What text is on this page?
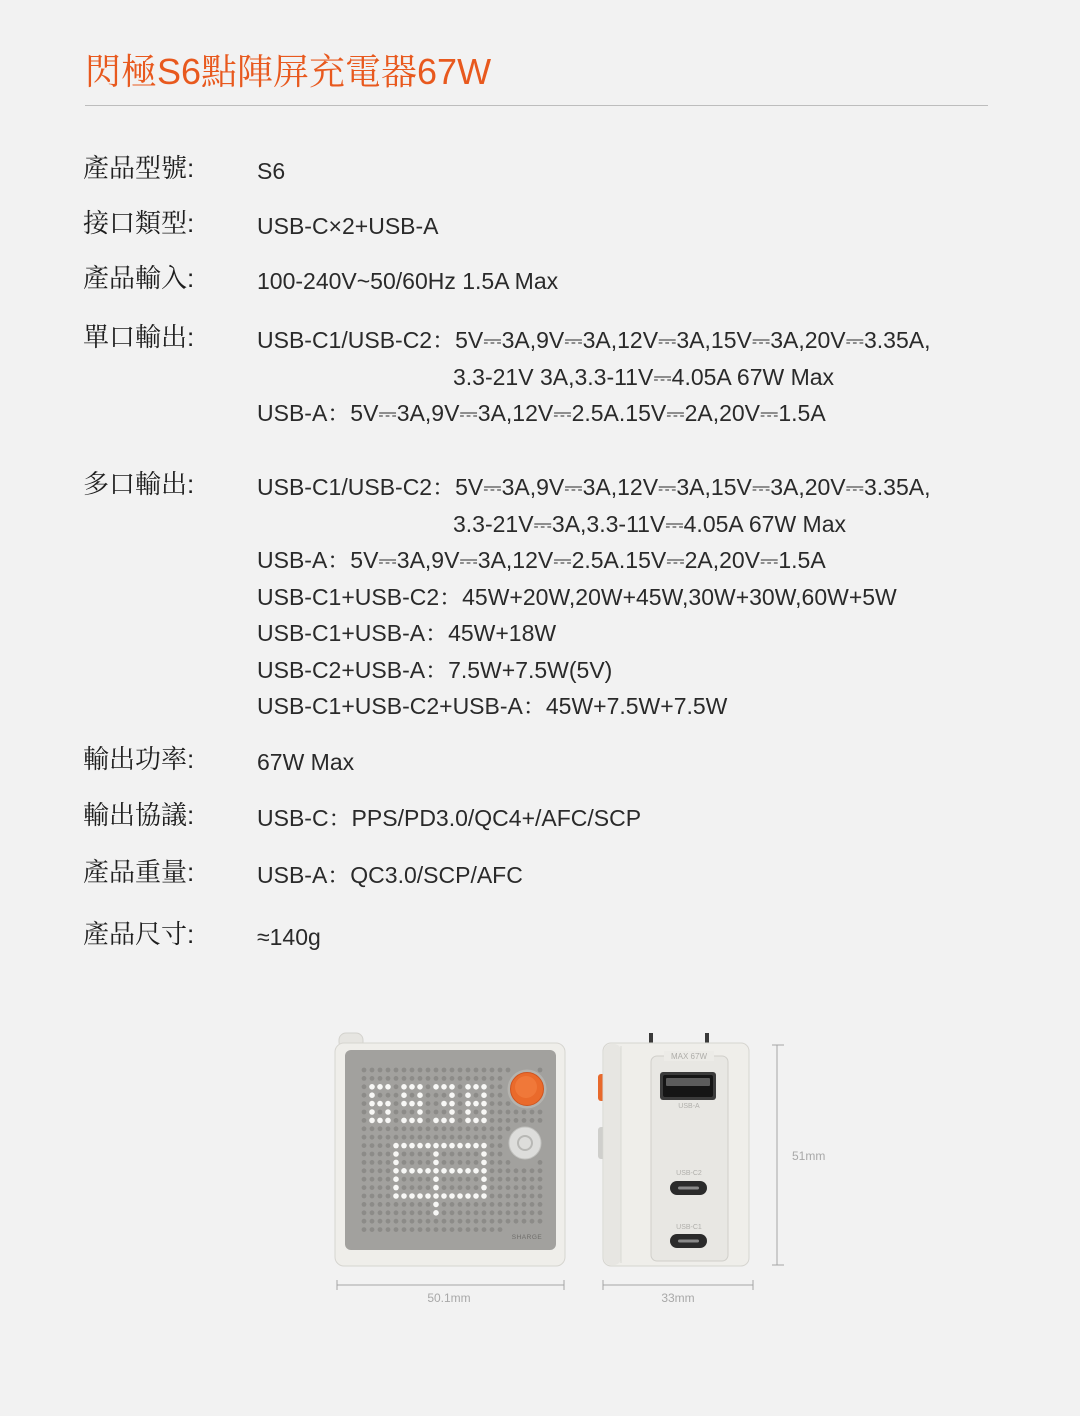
閃極S6點陣屏充電器67W
產品型號:	S6
接口類型:	USB-C×2+USB-A
產品輸入:	100-240V~50/60Hz 1.5A Max
單口輸出:	USB-C1/USB-C2：5V⎓3A,9V⎓3A,12V⎓3A,15V⎓3A,20V⎓3.35A,
3.3-21V 3A,3.3-11V⎓4.05A 67W Max
USB-A：5V⎓3A,9V⎓3A,12V⎓2.5A.15V⎓2A,20V⎓1.5A
多口輸出:	USB-C1/USB-C2：5V⎓3A,9V⎓3A,12V⎓3A,15V⎓3A,20V⎓3.35A,
3.3-21V⎓3A,3.3-11V⎓4.05A 67W Max
USB-A：5V⎓3A,9V⎓3A,12V⎓2.5A.15V⎓2A,20V⎓1.5A
USB-C1+USB-C2：45W+20W,20W+45W,30W+30W,60W+5W
USB-C1+USB-A：45W+18W
USB-C2+USB-A：7.5W+7.5W(5V)
USB-C1+USB-C2+USB-A：45W+7.5W+7.5W
輸出功率:	67W Max
輸出協議:	USB-C：PPS/PD3.0/QC4+/AFC/SCP
產品重量:	USB-A：QC3.0/SCP/AFC
產品尺寸:	≈140g
SHARGE
MAX 67W
USB-A
USB-C2
USB-C1
50.1mm	33mm
51mm
